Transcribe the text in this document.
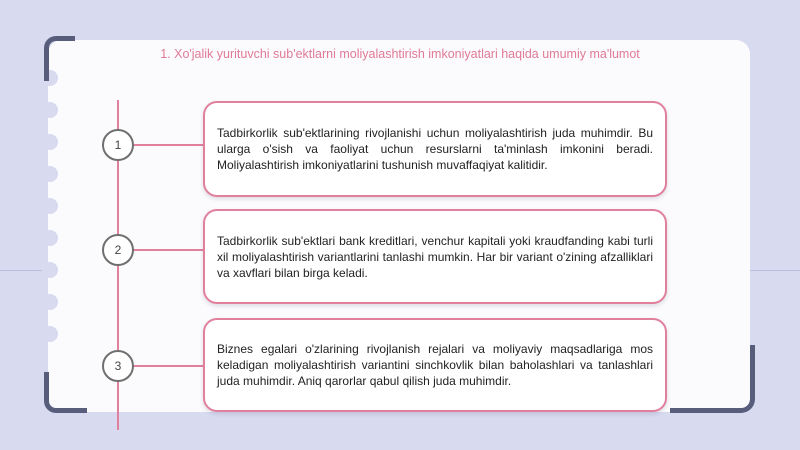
1. Xo'jalik yurituvchi sub'ektlarni moliyalashtirish imkoniyatlari haqida umumiy ma'lumot
1

Tadbirkorlik sub'ektlarining rivojlanishi uchun moliyalashtirish juda muhimdir. Bu ularga o'sish va faoliyat uchun resurslarni ta'minlash imkonini beradi. Moliyalashtirish imkoniyatlarini tushunish muvaffaqiyat kalitidir.

2

Tadbirkorlik sub'ektlari bank kreditlari, venchur kapitali yoki kraudfanding kabi turli xil moliyalashtirish variantlarini tanlashi mumkin. Har bir variant o'zining afzalliklari va xavflari bilan birga keladi.

3

Biznes egalari o'zlarining rivojlanish rejalari va moliyaviy maqsadlariga mos keladigan moliyalashtirish variantini sinchkovlik bilan baholashlari va tanlashlari juda muhimdir. Aniq qarorlar qabul qilish juda muhimdir.
